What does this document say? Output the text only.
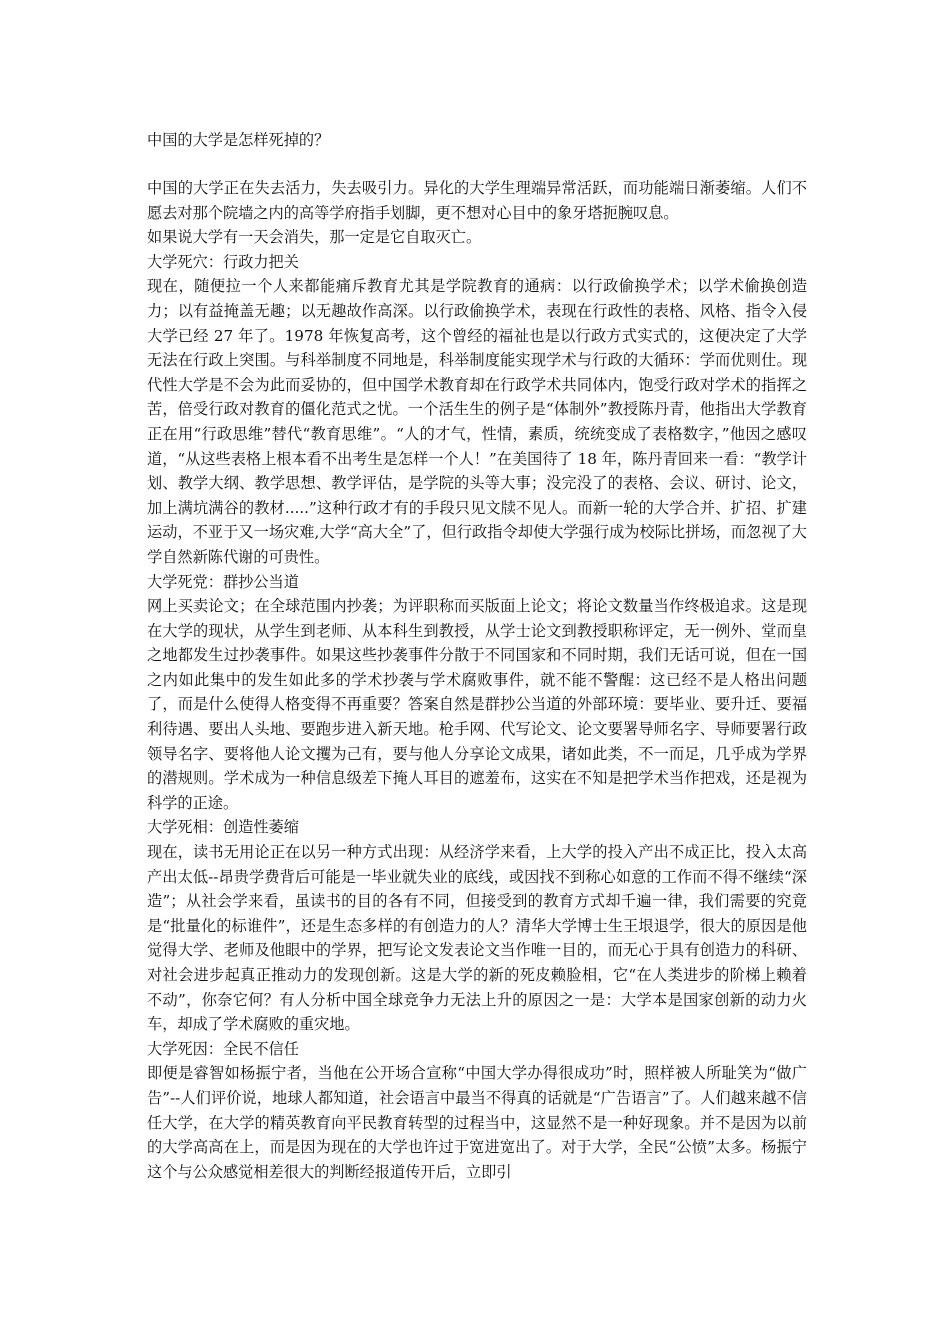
中国的大学是怎样死掉的？

中国的大学正在失去活力，失去吸引力。异化的大学生理端异常活跃，而功能端日渐萎缩。人们不愿去对那个院墙之内的高等学府指手划脚，更不想对心目中的象牙塔扼腕叹息。

如果说大学有一天会消失，那一定是它自取灭亡。

大学死穴：行政力把关

现在，随便拉一个人来都能痛斥教育尤其是学院教育的通病：以行政偷换学术；以学术偷换创造力；以有益掩盖无趣；以无趣故作高深。以行政偷换学术，表现在行政性的表格、风格、指令入侵大学已经 27 年了。1978 年恢复高考，这个曾经的福祉也是以行政方式实式的，这便决定了大学无法在行政上突围。与科举制度不同地是，科举制度能实现学术与行政的大循环：学而优则仕。现代性大学是不会为此而妥协的，但中国学术教育却在行政学术共同体内，饱受行政对学术的指挥之苦，倍受行政对教育的僵化范式之忧。一个活生生的例子是“体制外”教授陈丹青，他指出大学教育正在用“行政思维”替代“教育思维”。“人的才气，性情，素质，统统变成了表格数字，”他因之感叹道，“从这些表格上根本看不出考生是怎样一个人！”在美国待了 18 年，陈丹青回来一看：“教学计划、教学大纲、教学思想、教学评估，是学院的头等大事；没完没了的表格、会议、研讨、论文，加上满坑满谷的教材.....”这种行政才有的手段只见文牍不见人。而新一轮的大学合并、扩招、扩建运动，不亚于又一场灾难,大学“高大全”了，但行政指令却使大学强行成为校际比拼场，而忽视了大学自然新陈代谢的可贵性。

大学死党：群抄公当道

网上买卖论文；在全球范围内抄袭；为评职称而买版面上论文；将论文数量当作终极追求。这是现在大学的现状，从学生到老师、从本科生到教授，从学士论文到教授职称评定，无一例外、堂而皇之地都发生过抄袭事件。如果这些抄袭事件分散于不同国家和不同时期，我们无话可说，但在一国之内如此集中的发生如此多的学术抄袭与学术腐败事件，就不能不警醒：这已经不是人格出问题了，而是什么使得人格变得不再重要？答案自然是群抄公当道的外部环境：要毕业、要升迁、要福利待遇、要出人头地、要跑步进入新天地。枪手网、代写论文、论文要署导师名字、导师要署行政领导名字、要将他人论文攫为己有，要与他人分享论文成果，诸如此类，不一而足，几乎成为学界的潜规则。学术成为一种信息级差下掩人耳目的遮羞布，这实在不知是把学术当作把戏，还是视为科学的正途。

大学死相：创造性萎缩

现在，读书无用论正在以另一种方式出现：从经济学来看，上大学的投入产出不成正比，投入太高产出太低--昂贵学费背后可能是一毕业就失业的底线，或因找不到称心如意的工作而不得不继续“深造”；从社会学来看，虽读书的目的各有不同，但接受到的教育方式却千遍一律，我们需要的究竟是“批量化的标谁件”，还是生态多样的有创造力的人？清华大学博士生王垠退学，很大的原因是他觉得大学、老师及他眼中的学界，把写论文发表论文当作唯一目的，而无心于具有创造力的科研、对社会进步起真正推动力的发现创新。这是大学的新的死皮赖脸相，它“在人类进步的阶梯上赖着不动”，你奈它何？有人分析中国全球竞争力无法上升的原因之一是：大学本是国家创新的动力火车，却成了学术腐败的重灾地。

大学死因：全民不信任

即便是睿智如杨振宁者，当他在公开场合宣称“中国大学办得很成功”时，照样被人所耻笑为“做广告”--人们评价说，地球人都知道，社会语言中最当不得真的话就是“广告语言”了。人们越来越不信任大学，在大学的精英教育向平民教育转型的过程当中，这显然不是一种好现象。并不是因为以前的大学高高在上，而是因为现在的大学也许过于宽进宽出了。对于大学，全民“公愤”太多。杨振宁这个与公众感觉相差很大的判断经报道传开后，立即引
